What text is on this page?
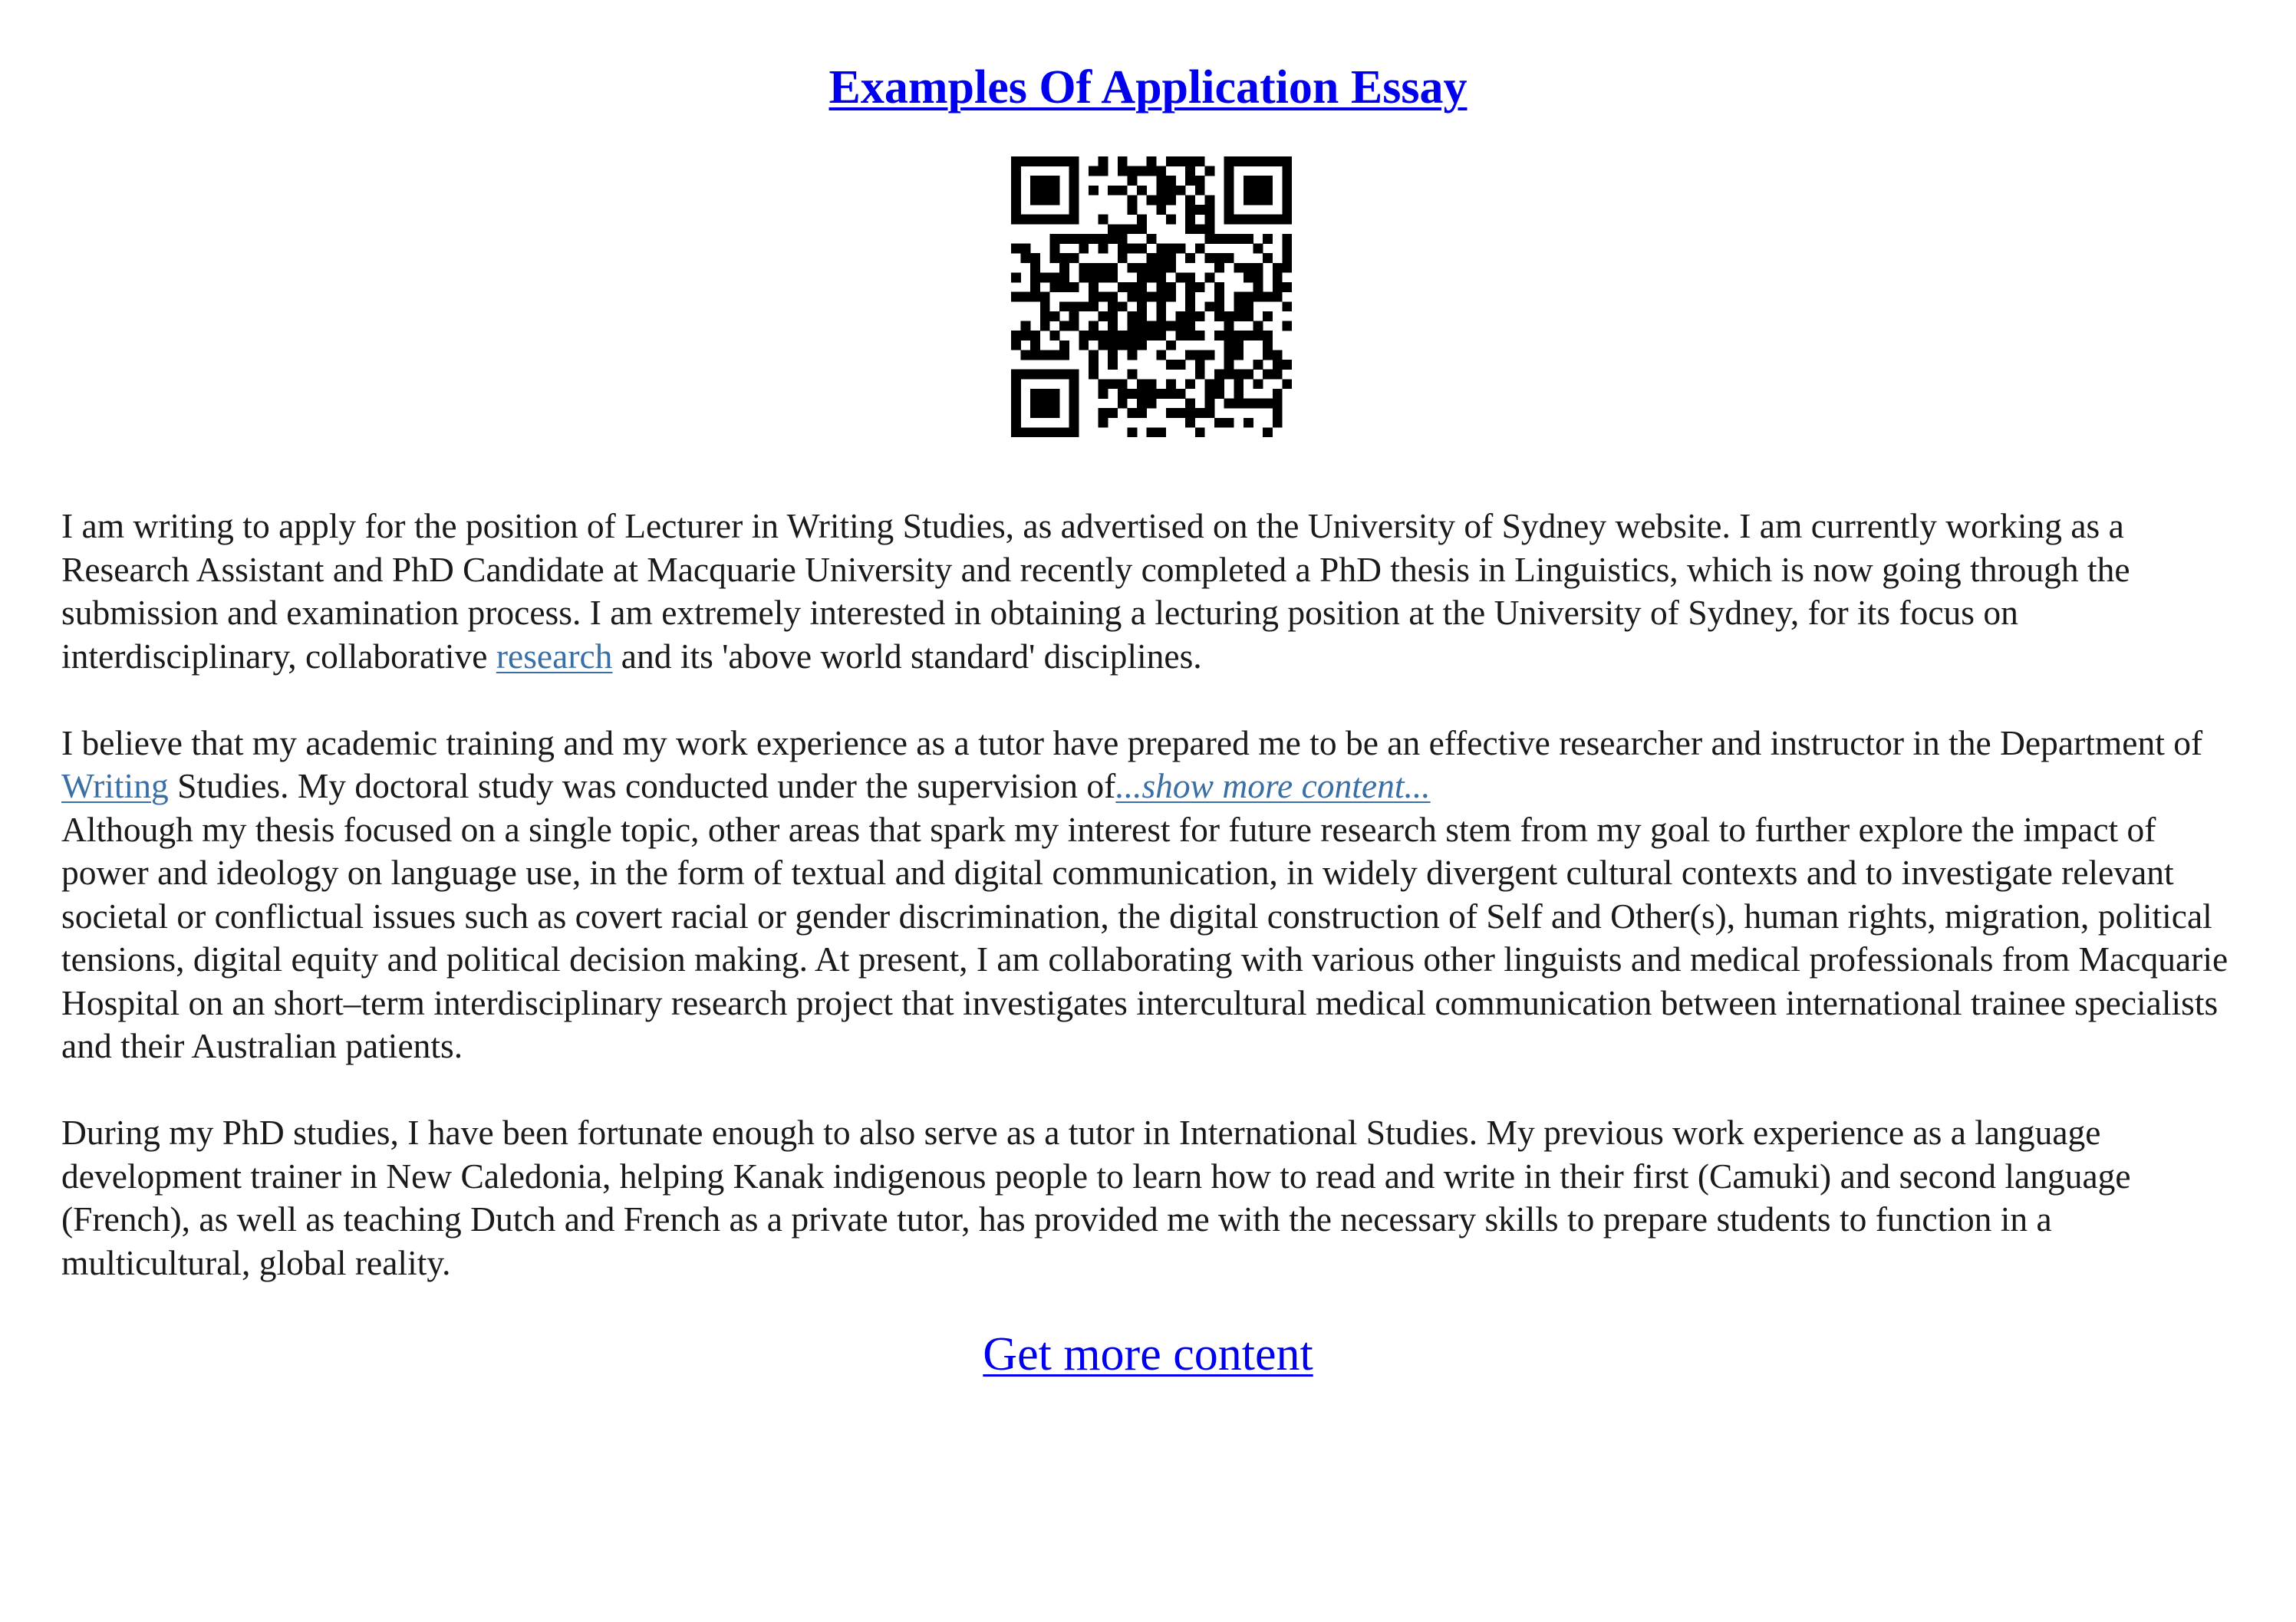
Examples Of Application Essay

I am writing to apply for the position of Lecturer in Writing Studies, as advertised on the University of Sydney website. I am currently working as a Research Assistant and PhD Candidate at Macquarie University and recently completed a PhD thesis in Linguistics, which is now going through the submission and examination process. I am extremely interested in obtaining a lecturing position at the University of Sydney, for its focus on interdisciplinary, collaborative research and its 'above world standard' disciplines.

I believe that my academic training and my work experience as a tutor have prepared me to be an effective researcher and instructor in the Department of Writing Studies. My doctoral study was conducted under the supervision of...show more content...

Although my thesis focused on a single topic, other areas that spark my interest for future research stem from my goal to further explore the impact of power and ideology on language use, in the form of textual and digital communication, in widely divergent cultural contexts and to investigate relevant societal or conflictual issues such as covert racial or gender discrimination, the digital construction of Self and Other(s), human rights, migration, political tensions, digital equity and political decision making. At present, I am collaborating with various other linguists and medical professionals from Macquarie Hospital on an short–term interdisciplinary research project that investigates intercultural medical communication between international trainee specialists and their Australian patients.

During my PhD studies, I have been fortunate enough to also serve as a tutor in International Studies. My previous work experience as a language development trainer in New Caledonia, helping Kanak indigenous people to learn how to read and write in their first (Camuki) and second language (French), as well as teaching Dutch and French as a private tutor, has provided me with the necessary skills to prepare students to function in a multicultural, global reality.

Get more content
